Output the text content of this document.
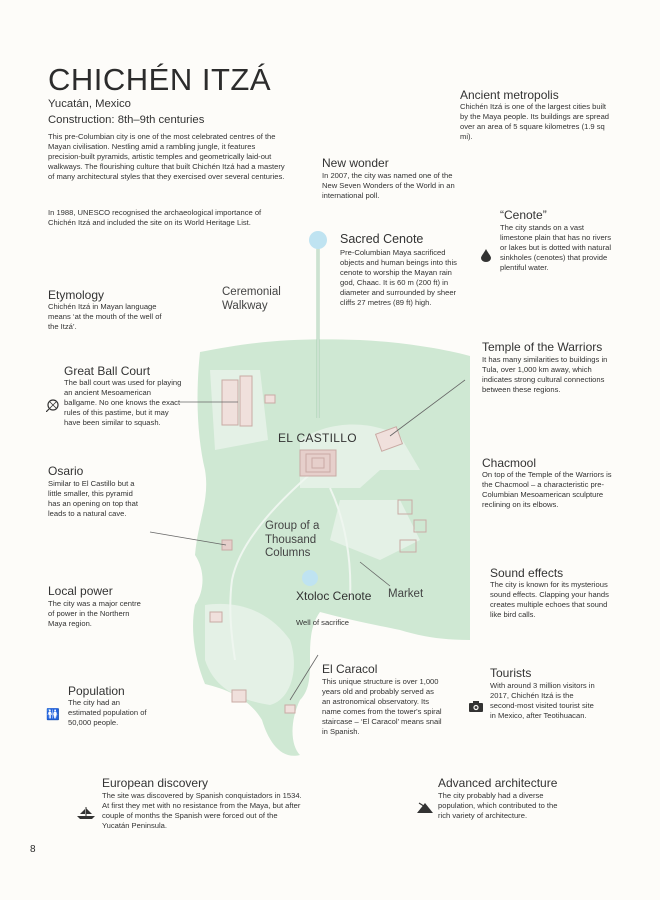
CHICHÉN ITZÁ
Yucatán, Mexico
Construction: 8th–9th centuries
This pre-Columbian city is one of the most celebrated centres of the Mayan civilisation. Nestling amid a rambling jungle, it features precision-built pyramids, artistic temples and geometrically laid-out walkways. The flourishing culture that built Chichén Itzá had a mastery of many architectural styles that they exercised over several centuries.
In 1988, UNESCO recognised the archaeological importance of Chichén Itzá and included the site on its World Heritage List.
Ancient metropolis
Chichén Itzá is one of the largest cities built by the Maya people. Its buildings are spread over an area of 5 square kilometres (1.9 sq mi).
New wonder
In 2007, the city was named one of the New Seven Wonders of the World in an international poll.
“Cenote”
The city stands on a vast limestone plain that has no rivers or lakes but is dotted with natural sinkholes (cenotes) that provide plentiful water.
Sacred Cenote
Pre-Columbian Maya sacrificed objects and human beings into this cenote to worship the Mayan rain god, Chaac. It is 60 m (200 ft) in diameter and surrounded by sheer cliffs 27 metres (89 ft) high.
Etymology
Chichén Itzá in Mayan language means ‘at the mouth of the well of the Itzá’.
Ceremonial Walkway
Temple of the Warriors
It has many similarities to buildings in Tula, over 1,000 km away, which indicates strong cultural connections between these regions.
Great Ball Court
The ball court was used for playing an ancient Mesoamerican ballgame. No one knows the exact rules of this pastime, but it may have been similar to squash.
EL CASTILLO
Chacmool
On top of the Temple of the Warriors is the Chacmool – a characteristic pre-Columbian Mesoamerican sculpture reclining on its elbows.
Osario
Similar to El Castillo but a little smaller, this pyramid has an opening on top that leads to a natural cave.
Group of a Thousand Columns
Sound effects
The city is known for its mysterious sound effects. Clapping your hands creates multiple echoes that sound like bird calls.
Local power
The city was a major centre of power in the Northern Maya region.
Market
Xtoloc Cenote
Well of sacrifice
Population
The city had an estimated population of 50,000 people.
🚻
El Caracol
This unique structure is over 1,000 years old and probably served as an astronomical observatory. Its name comes from the tower's spiral staircase – ‘El Caracol’ means snail in Spanish.
Tourists
With around 3 million visitors in 2017, Chichén Itzá is the second-most visited tourist site in Mexico, after Teotihuacan.
European discovery
The site was discovered by Spanish conquistadors in 1534. At first they met with no resistance from the Maya, but after couple of months the Spanish were forced out of the Yucatán Peninsula.
Advanced architecture
The city probably had a diverse population, which contributed to the rich variety of architecture.
8
